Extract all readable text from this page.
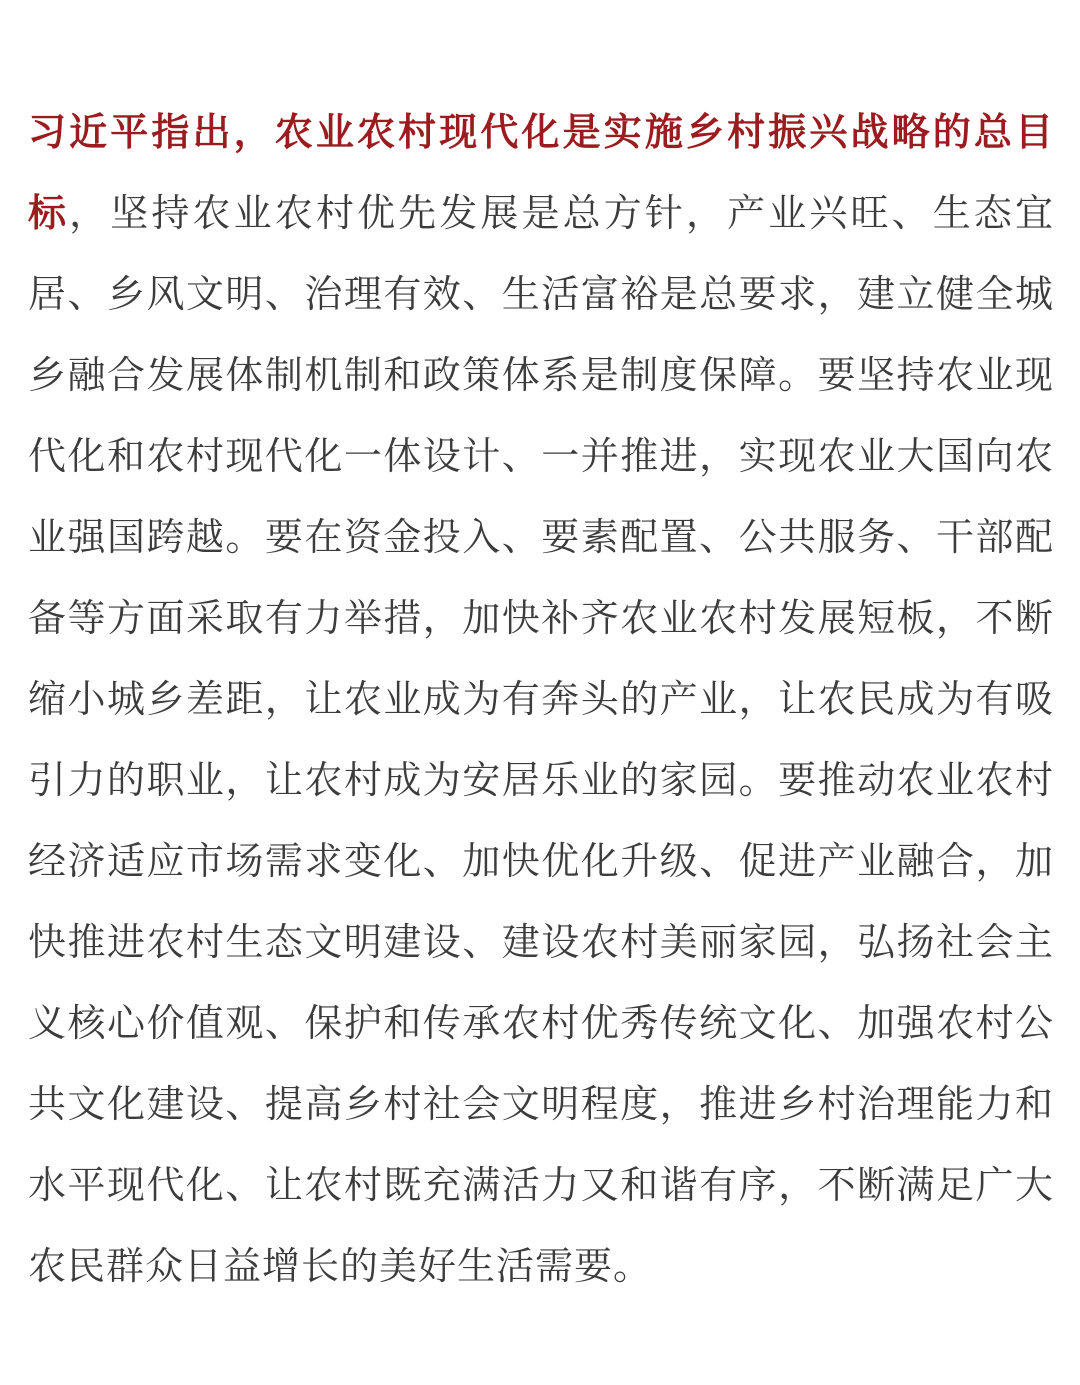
习近平指出，农业农村现代化是实施乡村振兴战略的总目标，坚持农业农村优先发展是总方针，产业兴旺、生态宜居、乡风文明、治理有效、生活富裕是总要求，建立健全城乡融合发展体制机制和政策体系是制度保障。要坚持农业现代化和农村现代化一体设计、一并推进，实现农业大国向农业强国跨越。要在资金投入、要素配置、公共服务、干部配备等方面采取有力举措，加快补齐农业农村发展短板，不断缩小城乡差距，让农业成为有奔头的产业，让农民成为有吸引力的职业，让农村成为安居乐业的家园。要推动农业农村经济适应市场需求变化、加快优化升级、促进产业融合，加快推进农村生态文明建设、建设农村美丽家园，弘扬社会主义核心价值观、保护和传承农村优秀传统文化、加强农村公共文化建设、提高乡村社会文明程度，推进乡村治理能力和水平现代化、让农村既充满活力又和谐有序，不断满足广大农民群众日益增长的美好生活需要。
